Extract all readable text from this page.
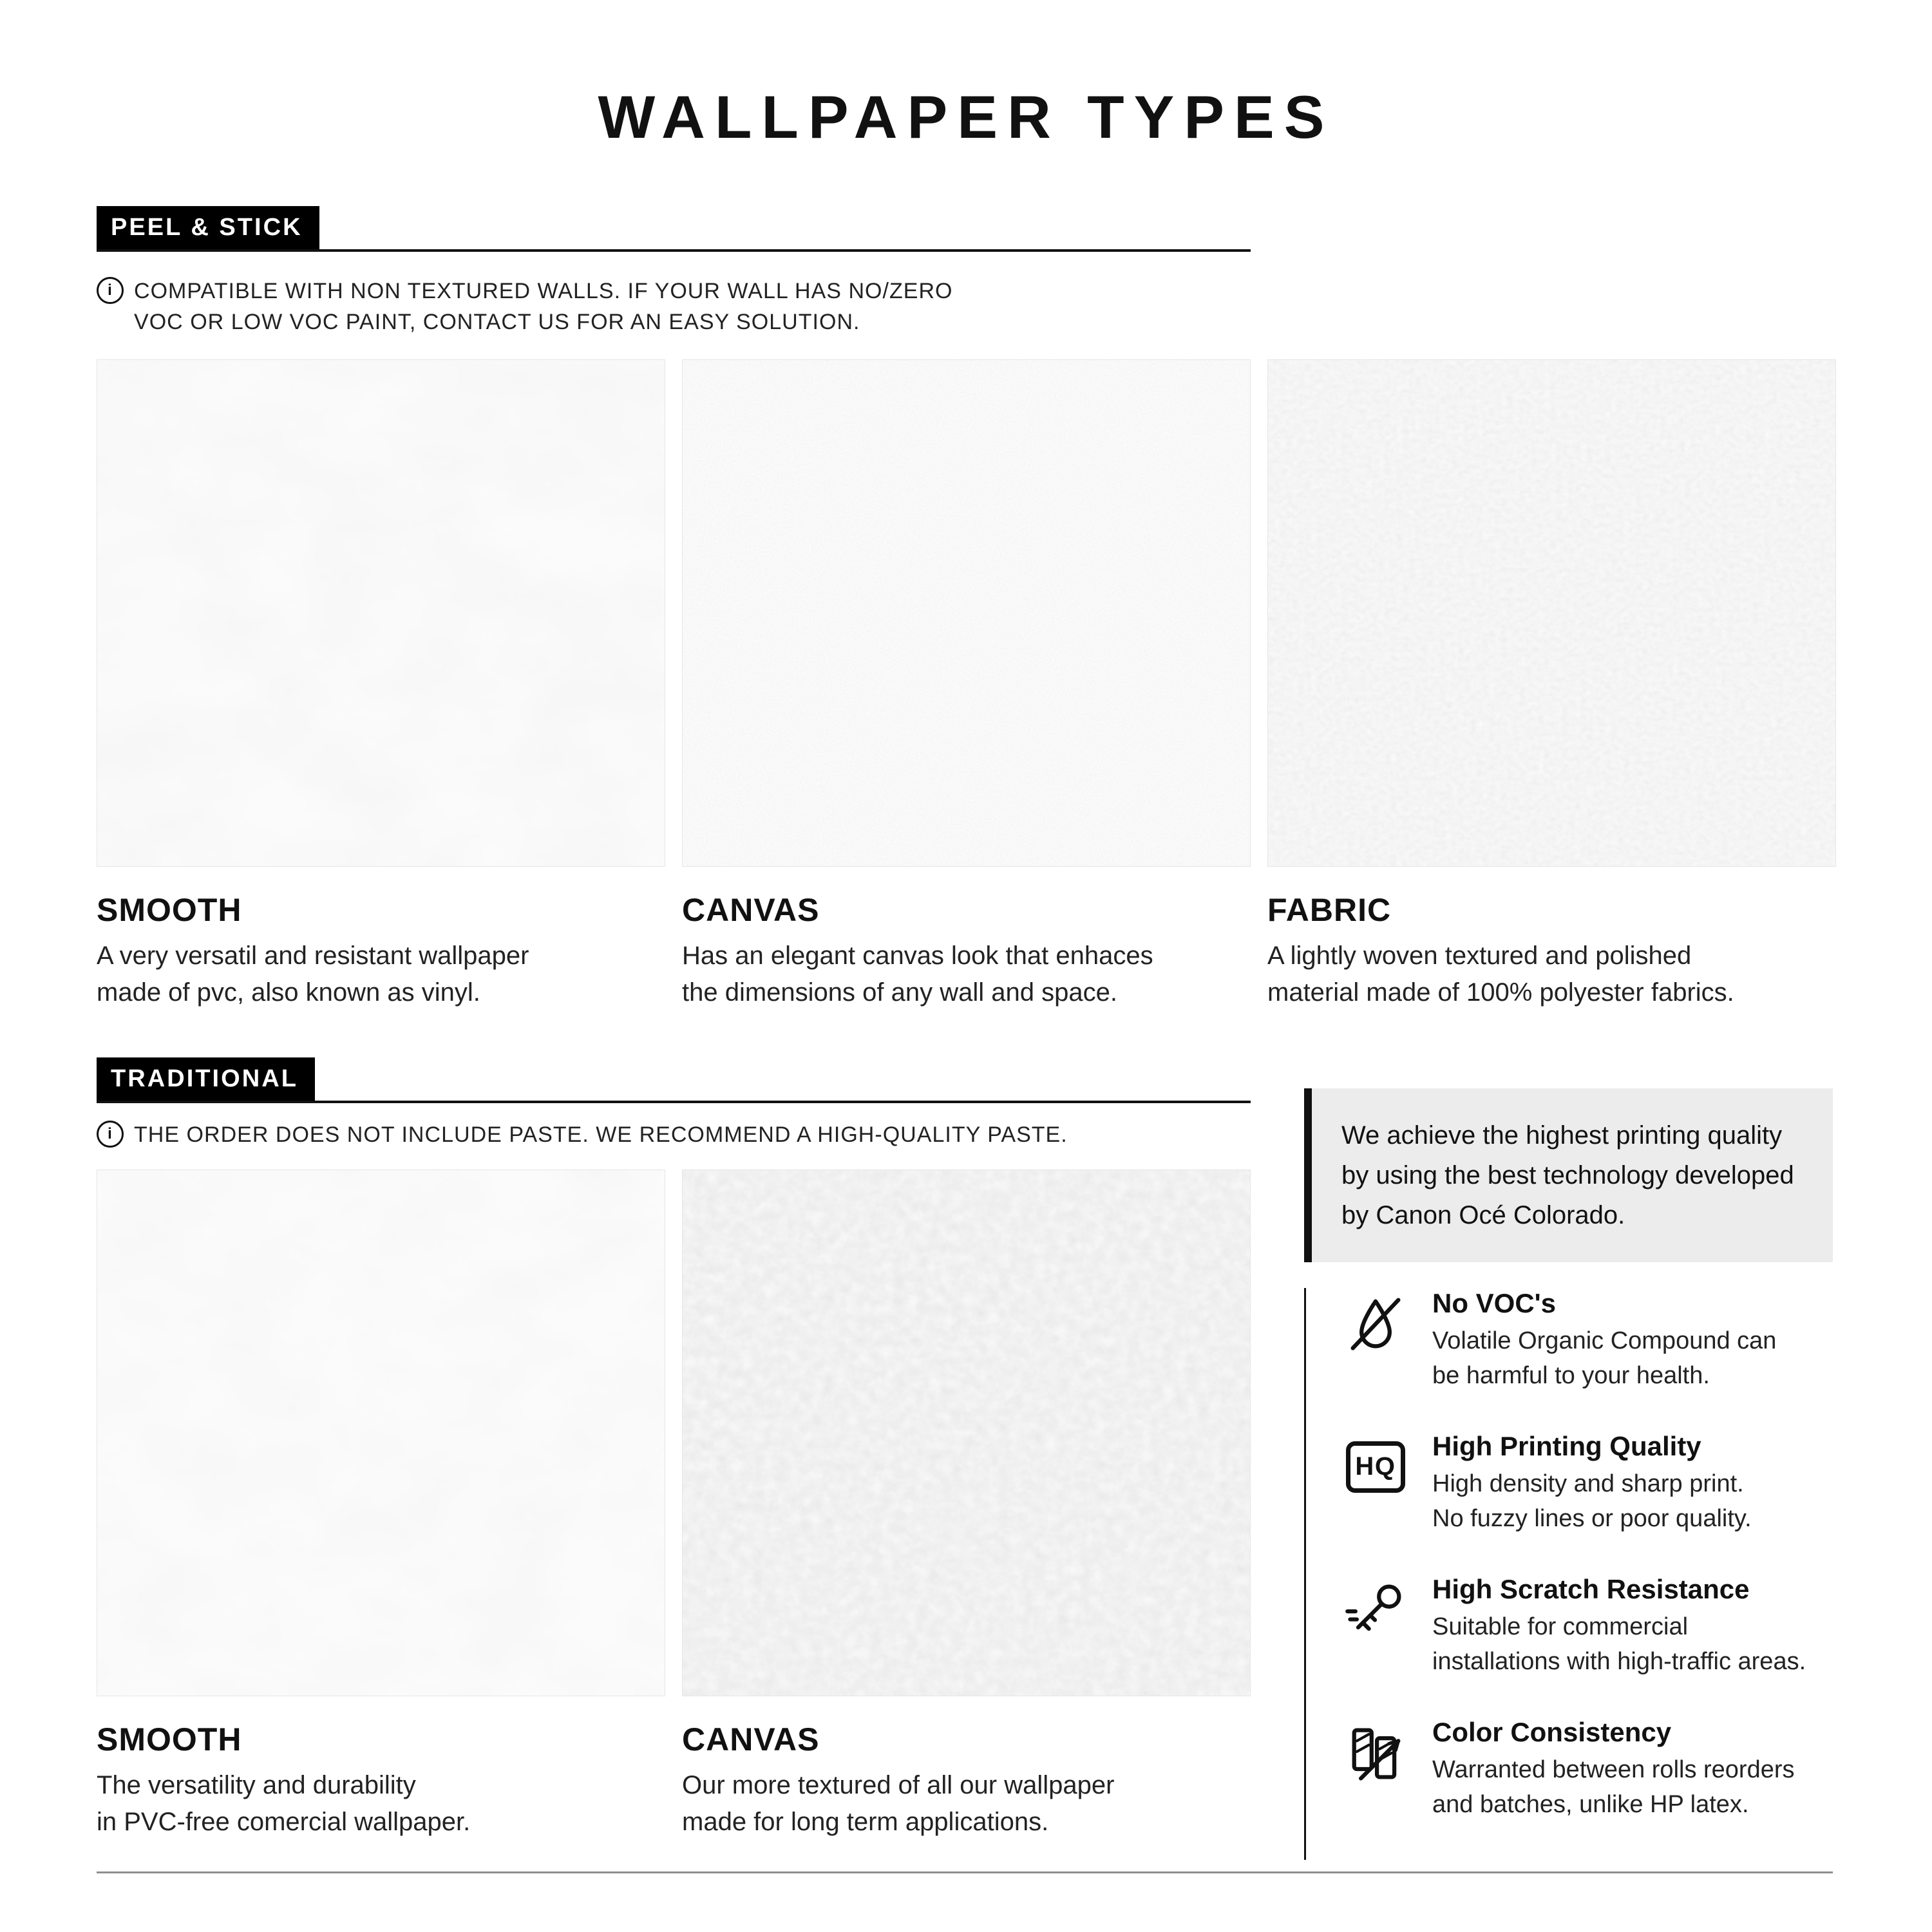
WALLPAPER TYPES
PEEL & STICK
i COMPATIBLE WITH NON TEXTURED WALLS. IF YOUR WALL HAS NO/ZERO
VOC OR LOW VOC PAINT, CONTACT US FOR AN EASY SOLUTION.
SMOOTH
A very versatil and resistant wallpaper
made of pvc, also known as vinyl.
CANVAS
Has an elegant canvas look that enhaces
the dimensions of any wall and space.
FABRIC
A lightly woven textured and polished
material made of 100% polyester fabrics.
TRADITIONAL
i THE ORDER DOES NOT INCLUDE PASTE. WE RECOMMEND A HIGH-QUALITY PASTE.
SMOOTH
The versatility and durability
in PVC-free comercial wallpaper.
CANVAS
Our more textured of all our wallpaper
made for long term applications.
We achieve the highest printing quality by using the best technology developed by Canon Océ Colorado.
No VOC's
Volatile Organic Compound can
be harmful to your health.
HQ
High Printing Quality
High density and sharp print.
No fuzzy lines or poor quality.
High Scratch Resistance
Suitable for commercial
installations with high-traffic areas.
Color Consistency
Warranted between rolls reorders
and batches, unlike HP latex.
